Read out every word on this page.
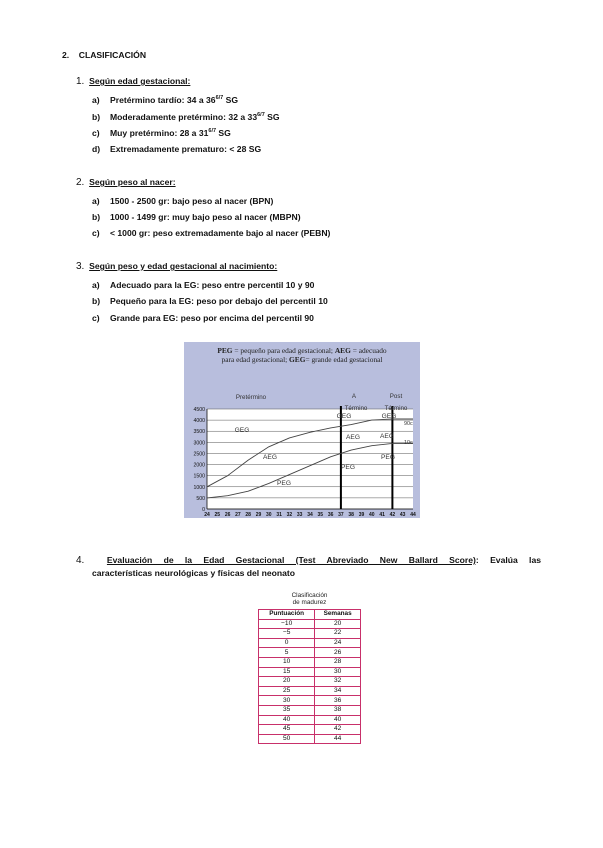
2. CLASIFICACIÓN
1. Según edad gestacional:
a) Pretérmino tardío: 34 a $36^{6/7}$ SG
b) Moderadamente pretérmino: 32 a $33^{6/7}$ SG
c) Muy pretérmino: 28 a $31^{6/7}$ SG
d) Extremadamente prematuro: < 28 SG
2. Según peso al nacer:
a) 1500 - 2500 gr: bajo peso al nacer (BPN)
b) 1000 - 1499 gr: muy bajo peso al nacer (MBPN)
c) < 1000 gr: peso extremadamente bajo al nacer (PEBN)
3. Según peso y edad gestacional al nacimiento:
a) Adecuado para la EG: peso entre percentil 10 y 90
b) Pequeño para la EG: peso por debajo del percentil 10
c) Grande para EG: peso por encima del percentil 90
0
500
1000
1500
2000
2500
3000
3500
4000
4500
24 25 26 27 28 29 30 31 32 33 34 35 36 37 38 39 40 41 42 43 44
Pretérmino	A Término
Post Término
GEG
AEG
PEG
GEG
AEG
PEG
GEG
AEG
PEG
90c
10c
PEG = pequeño para edad gestacional; AEG = adecuado
para edad gestacional; GEG= grande edad gestacional
4.	Evaluación de la Edad Gestacional (Test Abreviado New Ballard Score): Evalúa las
características neurológicas y físicas del neonato
Clasificación
de madurez
Puntuación	Semanas
−10	20
−5	22
0	24
5	26
10	28
15	30
20	32
25	34
30	36
35	38
40	40
45	42
50	44
